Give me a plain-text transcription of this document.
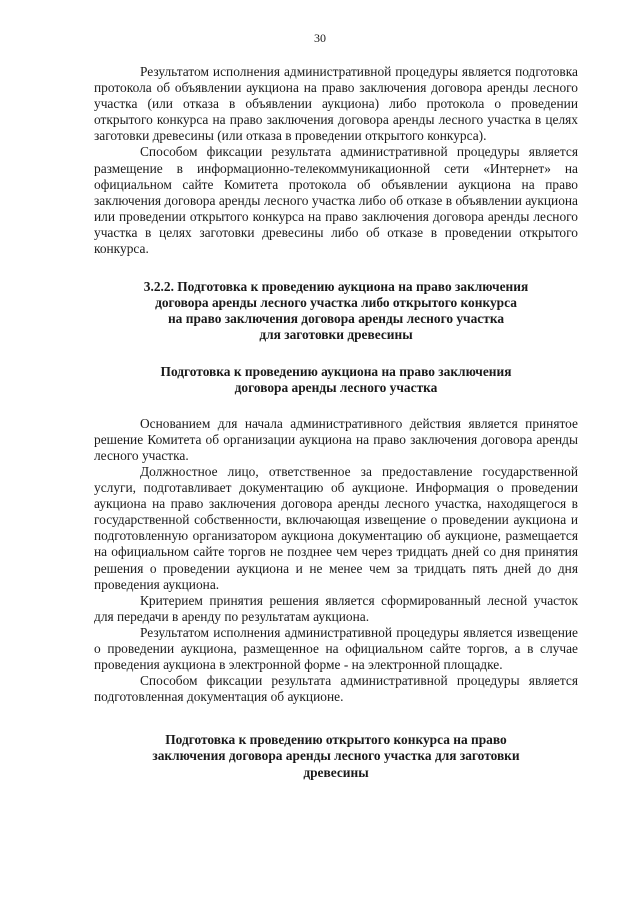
30

Результатом исполнения административной процедуры является подготовка протокола об объявлении аукциона на право заключения договора аренды лесного участка (или отказа в объявлении аукциона) либо протокола о проведении открытого конкурса на право заключения договора аренды лесного участка в целях заготовки древесины (или отказа в проведении открытого конкурса).

Способом фиксации результата административной процедуры является размещение в информационно-телекоммуникационной сети «Интернет» на официальном сайте Комитета протокола об объявлении аукциона на право заключения договора аренды лесного участка либо об отказе в объявлении аукциона или проведении открытого конкурса на право заключения договора аренды лесного участка в целях заготовки древесины либо об отказе в проведении открытого конкурса.

3.2.2. Подготовка к проведению аукциона на право заключения
договора аренды лесного участка либо открытого конкурса
на право заключения договора аренды лесного участка
для заготовки древесины
Подготовка к проведению аукциона на право заключения
договора аренды лесного участка

Основанием для начала административного действия является принятое решение Комитета об организации аукциона на право заключения договора аренды лесного участка.

Должностное лицо, ответственное за предоставление государственной услуги, подготавливает документацию об аукционе. Информация о проведении аукциона на право заключения договора аренды лесного участка, находящегося в государственной собственности, включающая извещение о проведении аукциона и подготовленную организатором аукциона документацию об аукционе, размещается на официальном сайте торгов не позднее чем через тридцать дней со дня принятия решения о проведении аукциона и не менее чем за тридцать пять дней до дня проведения аукциона.

Критерием принятия решения является сформированный лесной участок для передачи в аренду по результатам аукциона.

Результатом исполнения административной процедуры является извещение о проведении аукциона, размещенное на официальном сайте торгов, а в случае проведения аукциона в электронной форме - на электронной площадке.

Способом фиксации результата административной процедуры является подготовленная документация об аукционе.

Подготовка к проведению открытого конкурса на право
заключения договора аренды лесного участка для заготовки
древесины
